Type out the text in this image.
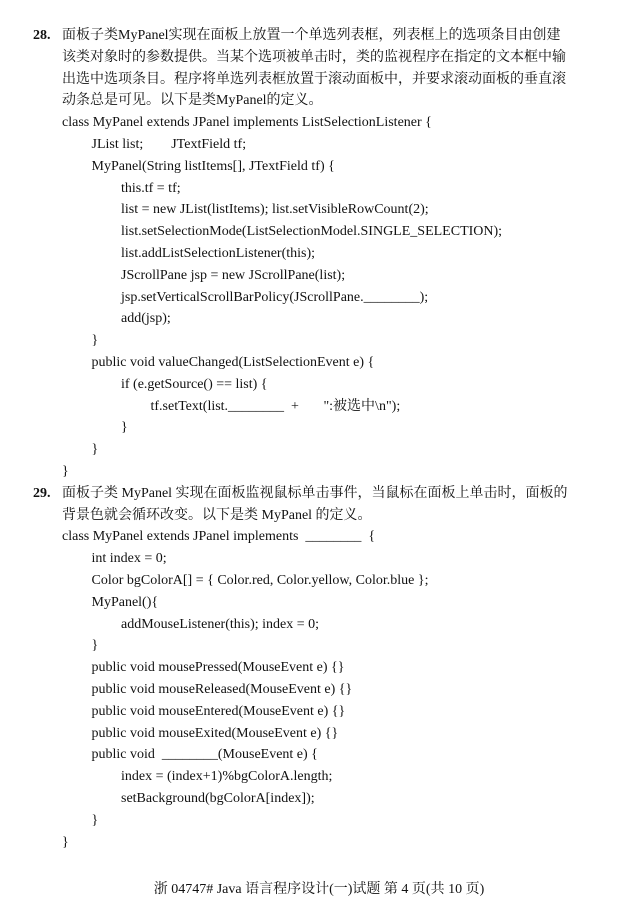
28. 面板子类MyPanel实现在面板上放置一个单选列表框，列表框上的选项条目由创建
该类对象时的参数提供。当某个选项被单击时，类的监视程序在指定的文本框中输
出选中选项条目。程序将单选列表框放置于滚动面板中，并要求滚动面板的垂直滚
动条总是可见。以下是类MyPanel的定义。
class MyPanel extends JPanel implements ListSelectionListener {
JList list;        JTextField tf;
MyPanel(String listItems[], JTextField tf) {
this.tf = tf;
list = new JList(listItems); list.setVisibleRowCount(2);
list.setSelectionMode(ListSelectionModel.SINGLE_SELECTION);
list.addListSelectionListener(this);
JScrollPane jsp = new JScrollPane(list);
jsp.setVerticalScrollBarPolicy(JScrollPane.________);
add(jsp);
}
public void valueChanged(ListSelectionEvent e) {
if (e.getSource() == list) {
tf.setText(list.________  +       ":被选中\n");
}
}
}
29. 面板子类 MyPanel 实现在面板监视鼠标单击事件，当鼠标在面板上单击时，面板的
背景色就会循环改变。以下是类 MyPanel 的定义。
class MyPanel extends JPanel implements  ________  {
int index = 0;
Color bgColorA[] = { Color.red, Color.yellow, Color.blue };
MyPanel(){
addMouseListener(this); index = 0;
}
public void mousePressed(MouseEvent e) {}
public void mouseReleased(MouseEvent e) {}
public void mouseEntered(MouseEvent e) {}
public void mouseExited(MouseEvent e) {}
public void  ________(MouseEvent e) {
index = (index+1)%bgColorA.length;
setBackground(bgColorA[index]);
}
}
浙 04747# Java 语言程序设计(一)试题 第 4 页(共 10 页)
